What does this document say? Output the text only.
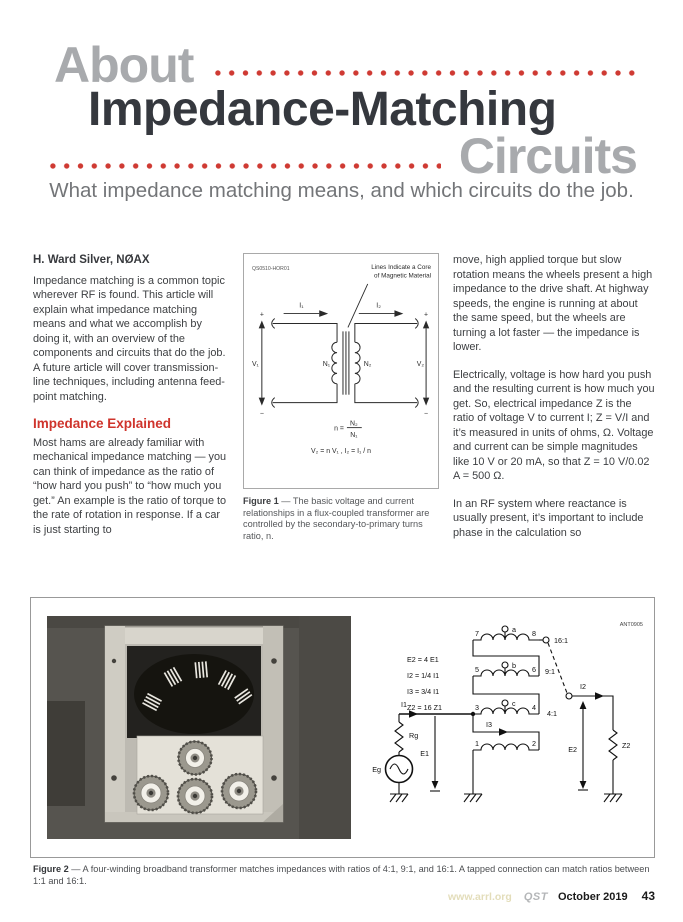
About
Impedance-Matching
Circuits
What impedance matching means, and which circuits do the job.
H. Ward Silver, NØAX

Impedance matching is a common topic wherever RF is found. This article will explain what impedance matching means and what we accomplish by doing it, with an overview of the components and circuits that do the job. A future article will cover transmission-line techniques, including antenna feed-point matching.

Impedance Explained

Most hams are already familiar with mechanical impedance matching — you can think of impedance as the ratio of “how hard you push” to “how much you get.” An example is the ratio of torque to the rate of rotation in response. If a car is just starting to

QS0510-HOR01	Lines Indicate a Core
of Magnetic Material
I₁	I₂
+
−
+
−
V₁	V₂
N₁	N₂
n =
N₂
N₁
V₂ = n V₁ , I₂ = I₁ / n
Figure 1 — The basic voltage and current relationships in a flux-coupled transformer are controlled by the secondary-to-primary turns ratio, n.

move, high applied torque but slow rotation means the wheels present a high impedance to the drive shaft. At highway speeds, the engine is running at about the same speed, but the wheels are turning a lot faster — the impedance is lower.

Electrically, voltage is how hard you push and the resulting current is how much you get. So, electrical impedance Z is the ratio of voltage V to current I; Z = V/I and it’s measured in units of ohms, Ω. Voltage and current can be simple magnitudes like 10 V or 20 mA, so that Z = 10 V/0.02 A = 500 Ω.

In an RF system where reactance is usually present, it’s important to include phase in the calculation so

ANT0905
E2 = 4 E1
I2 = 1/4 I1
I3 = 3/4 I1
Z2 = 16 Z1
7	8
5	6
3	4
1	2
a
b
c
16:1
9:1
4:1
I1
I2
I3
Rg
E1
Eg
E2	Z2
Figure 2 — A four-winding broadband transformer matches impedances with ratios of 4:1, 9:1, and 16:1. A tapped connection can match ratios between 1:1 and 16:1.
www.arrl.org QST October 2019 43
